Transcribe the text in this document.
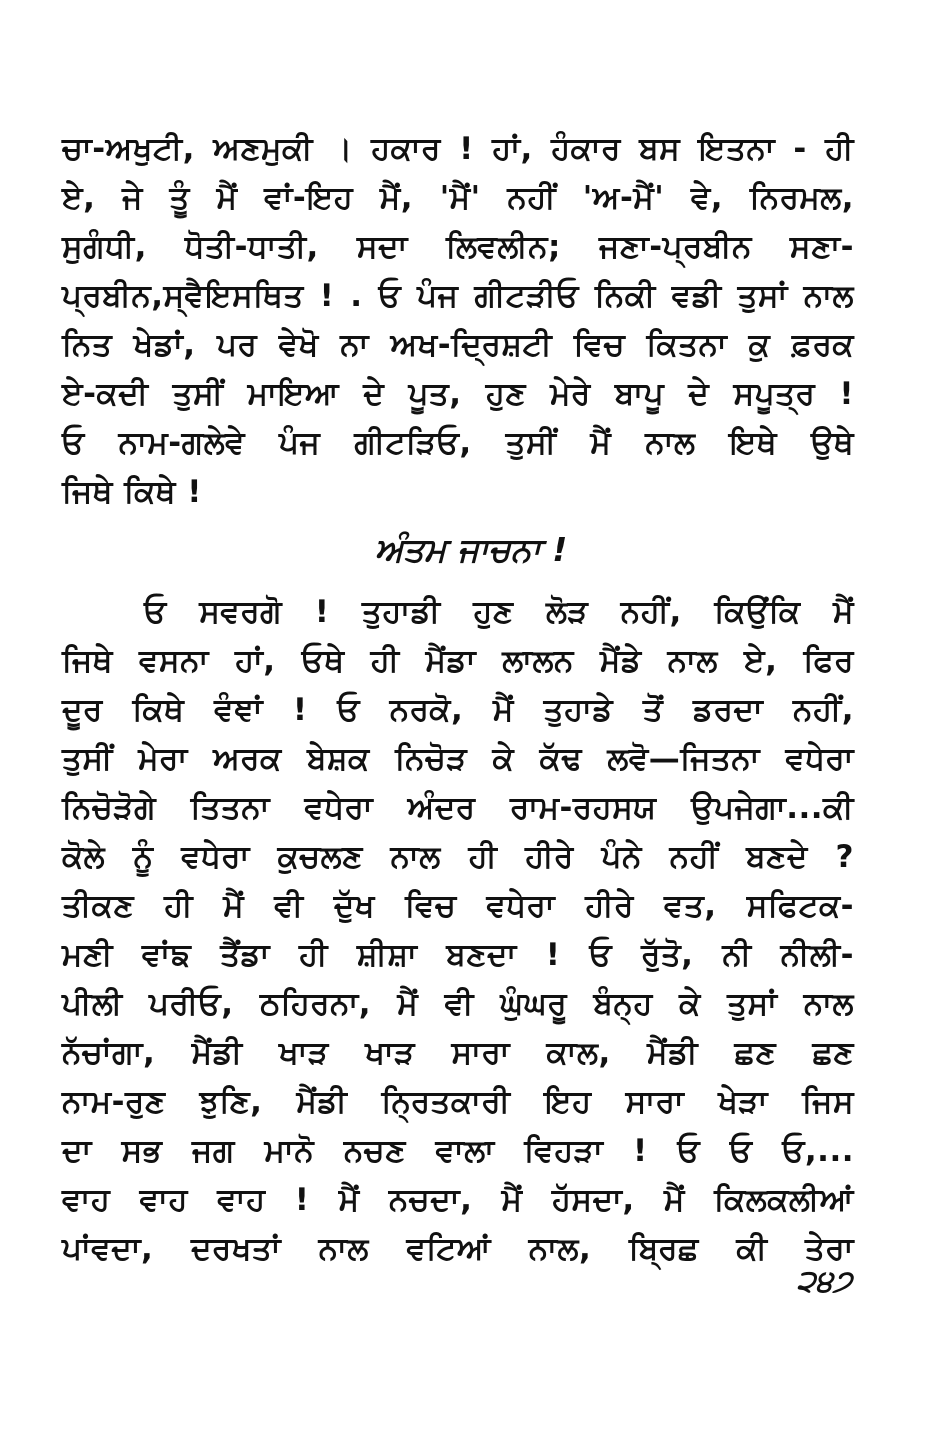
ਚਾ-ਅਖੁਟੀ, ਅਣਮੁਕੀ । ਹਕਾਰ ! ਹਾਂ, ਹੰਕਾਰ ਬਸ ਇਤਨਾ - ਹੀ
ਏ, ਜੇ ਤੂੰ ਮੈਂ ਵਾਂ-ਇਹ ਮੈਂ, 'ਮੈਂ' ਨਹੀਂ 'ਅ-ਮੈਂ' ਵੇ, ਨਿਰਮਲ,
ਸੁਗੰਧੀ, ਧੋਤੀ-ਧਾਤੀ, ਸਦਾ ਲਿਵਲੀਨ; ਜਣਾ-ਪ੍ਰਬੀਨ ਸਣਾ-
ਪ੍ਰਬੀਨ,ਸ੍ਵੈਇਸਥਿਤ ! . ਓ ਪੰਜ ਗੀਟੜੀਓ ਨਿਕੀ ਵਡੀ ਤੁਸਾਂ ਨਾਲ
ਨਿਤ ਖੇਡਾਂ, ਪਰ ਵੇਖੋ ਨਾ ਅਖ-ਦ੍ਰਿਸ਼ਟੀ ਵਿਚ ਕਿਤਨਾ ਕੁ ਫ਼ਰਕ
ਏ-ਕਦੀ ਤੁਸੀਂ ਮਾਇਆ ਦੇ ਪੂਤ, ਹੁਣ ਮੇਰੇ ਬਾਪੂ ਦੇ ਸਪੂਤ੍ਰ !
ਓ ਨਾਮ-ਗਲੇਵੇ ਪੰਜ ਗੀਟੜਿਓ, ਤੁਸੀਂ ਮੈਂ ਨਾਲ ਇਥੇ ਉਥੇ
ਜਿਥੇ ਕਿਥੇ !
ਅੰਤਮ ਜਾਚਨਾ !
ਓ ਸਵਰਗੋ ! ਤੁਹਾਡੀ ਹੁਣ ਲੋੜ ਨਹੀਂ, ਕਿਉਂਕਿ ਮੈਂ
ਜਿਥੇ ਵਸਨਾ ਹਾਂ, ਓਥੇ ਹੀ ਮੈਂਡਾ ਲਾਲਨ ਮੈਂਡੇ ਨਾਲ ਏ, ਫਿਰ
ਦੂਰ ਕਿਥੇ ਵੰਞਾਂ ! ਓ ਨਰਕੋ, ਮੈਂ ਤੁਹਾਡੇ ਤੋਂ ਡਰਦਾ ਨਹੀਂ,
ਤੁਸੀਂ ਮੇਰਾ ਅਰਕ ਬੇਸ਼ਕ ਨਿਚੋੜ ਕੇ ਕੱਢ ਲਵੋ—ਜਿਤਨਾ ਵਧੇਰਾ
ਨਿਚੋੜੋਗੇ ਤਿਤਨਾ ਵਧੇਰਾ ਅੰਦਰ ਰਾਮ-ਰਹਸਯ ਉਪਜੇਗਾ...ਕੀ
ਕੋਲੇ ਨੂੰ ਵਧੇਰਾ ਕੁਚਲਣ ਨਾਲ ਹੀ ਹੀਰੇ ਪੰਨੇ ਨਹੀਂ ਬਣਦੇ ?
ਤੀਕਣ ਹੀ ਮੈਂ ਵੀ ਦੁੱਖ ਵਿਚ ਵਧੇਰਾ ਹੀਰੇ ਵਤ, ਸਫਿਟਕ-
ਮਣੀ ਵਾਂਙ ਤੈਂਡਾ ਹੀ ਸ਼ੀਸ਼ਾ ਬਣਦਾ ! ਓ ਰੁੱਤੋ, ਨੀ ਨੀਲੀ-
ਪੀਲੀ ਪਰੀਓ, ਠਹਿਰਨਾ, ਮੈਂ ਵੀ ਘੁੰਘਰੂ ਬੰਨ੍ਹ ਕੇ ਤੁਸਾਂ ਨਾਲ
ਨੱਚਾਂਗਾ, ਮੈਂਡੀ ਖਾੜ ਖਾੜ ਸਾਰਾ ਕਾਲ, ਮੈਂਡੀ ਛਣ ਛਣ
ਨਾਮ-ਰੁਣ ਝੁਣਿ, ਮੈਂਡੀ ਨ੍ਰਿਤਕਾਰੀ ਇਹ ਸਾਰਾ ਖੇੜਾ ਜਿਸ
ਦਾ ਸਭ ਜਗ ਮਾਨੋ ਨਚਣ ਵਾਲਾ ਵਿਹੜਾ ! ਓ ਓ ਓ,...
ਵਾਹ ਵਾਹ ਵਾਹ ! ਮੈਂ ਨਚਦਾ, ਮੈਂ ਹੱਸਦਾ, ਮੈਂ ਕਿਲਕਲੀਆਂ
ਪਾਂਵਦਾ, ਦਰਖਤਾਂ ਨਾਲ ਵਟਿਆਂ ਨਾਲ, ਬ੍ਰਿਛ ਕੀ ਤੇਰਾ
੨੪੭
